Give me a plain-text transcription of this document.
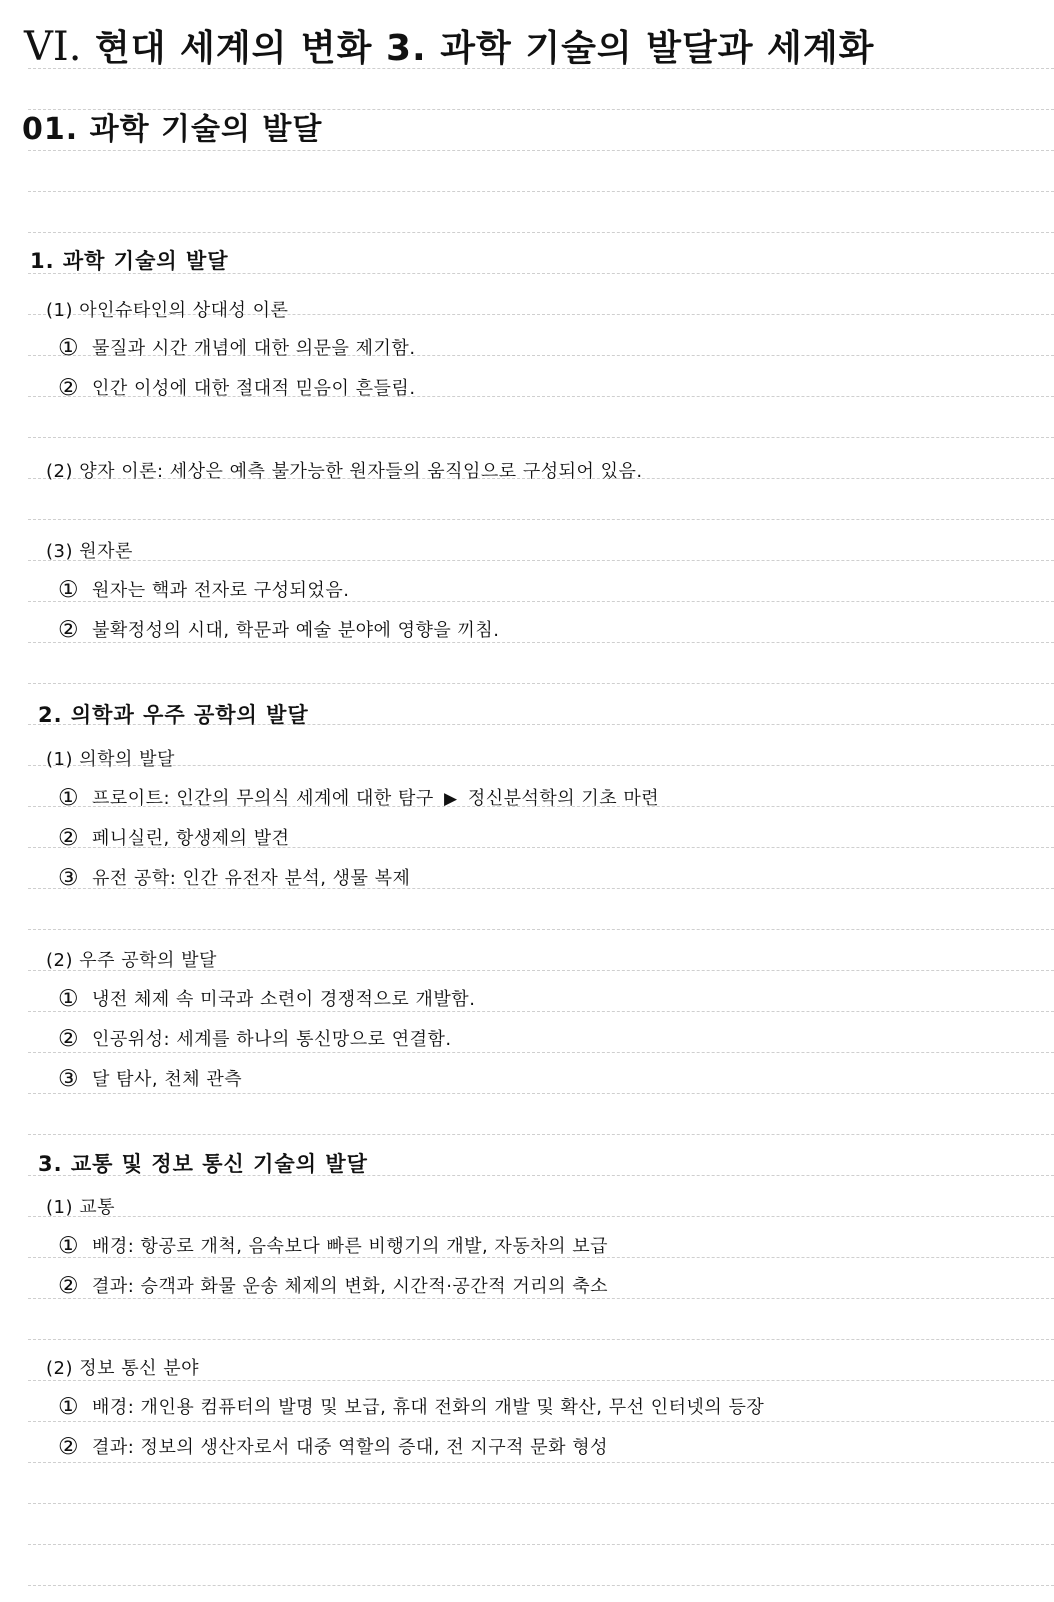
VI. 현대 세계의 변화 3. 과학 기술의 발달과 세계화
01. 과학 기술의 발달
1. 과학 기술의 발달
(1) 아인슈타인의 상대성 이론
① 물질과 시간 개념에 대한 의문을 제기함.
② 인간 이성에 대한 절대적 믿음이 흔들림.
(2) 양자 이론: 세상은 예측 불가능한 원자들의 움직임으로 구성되어 있음.
(3) 원자론
① 원자는 핵과 전자로 구성되었음.
② 불확정성의 시대, 학문과 예술 분야에 영향을 끼침.
2. 의학과 우주 공학의 발달
(1) 의학의 발달
① 프로이트: 인간의 무의식 세계에 대한 탐구 ▶ 정신분석학의 기초 마련
② 페니실린, 항생제의 발견
③ 유전 공학: 인간 유전자 분석, 생물 복제
(2) 우주 공학의 발달
① 냉전 체제 속 미국과 소련이 경쟁적으로 개발함.
② 인공위성: 세계를 하나의 통신망으로 연결함.
③ 달 탐사, 천체 관측
3. 교통 및 정보 통신 기술의 발달
(1) 교통
① 배경: 항공로 개척, 음속보다 빠른 비행기의 개발, 자동차의 보급
② 결과: 승객과 화물 운송 체제의 변화, 시간적·공간적 거리의 축소
(2) 정보 통신 분야
① 배경: 개인용 컴퓨터의 발명 및 보급, 휴대 전화의 개발 및 확산, 무선 인터넷의 등장
② 결과: 정보의 생산자로서 대중 역할의 증대, 전 지구적 문화 형성
